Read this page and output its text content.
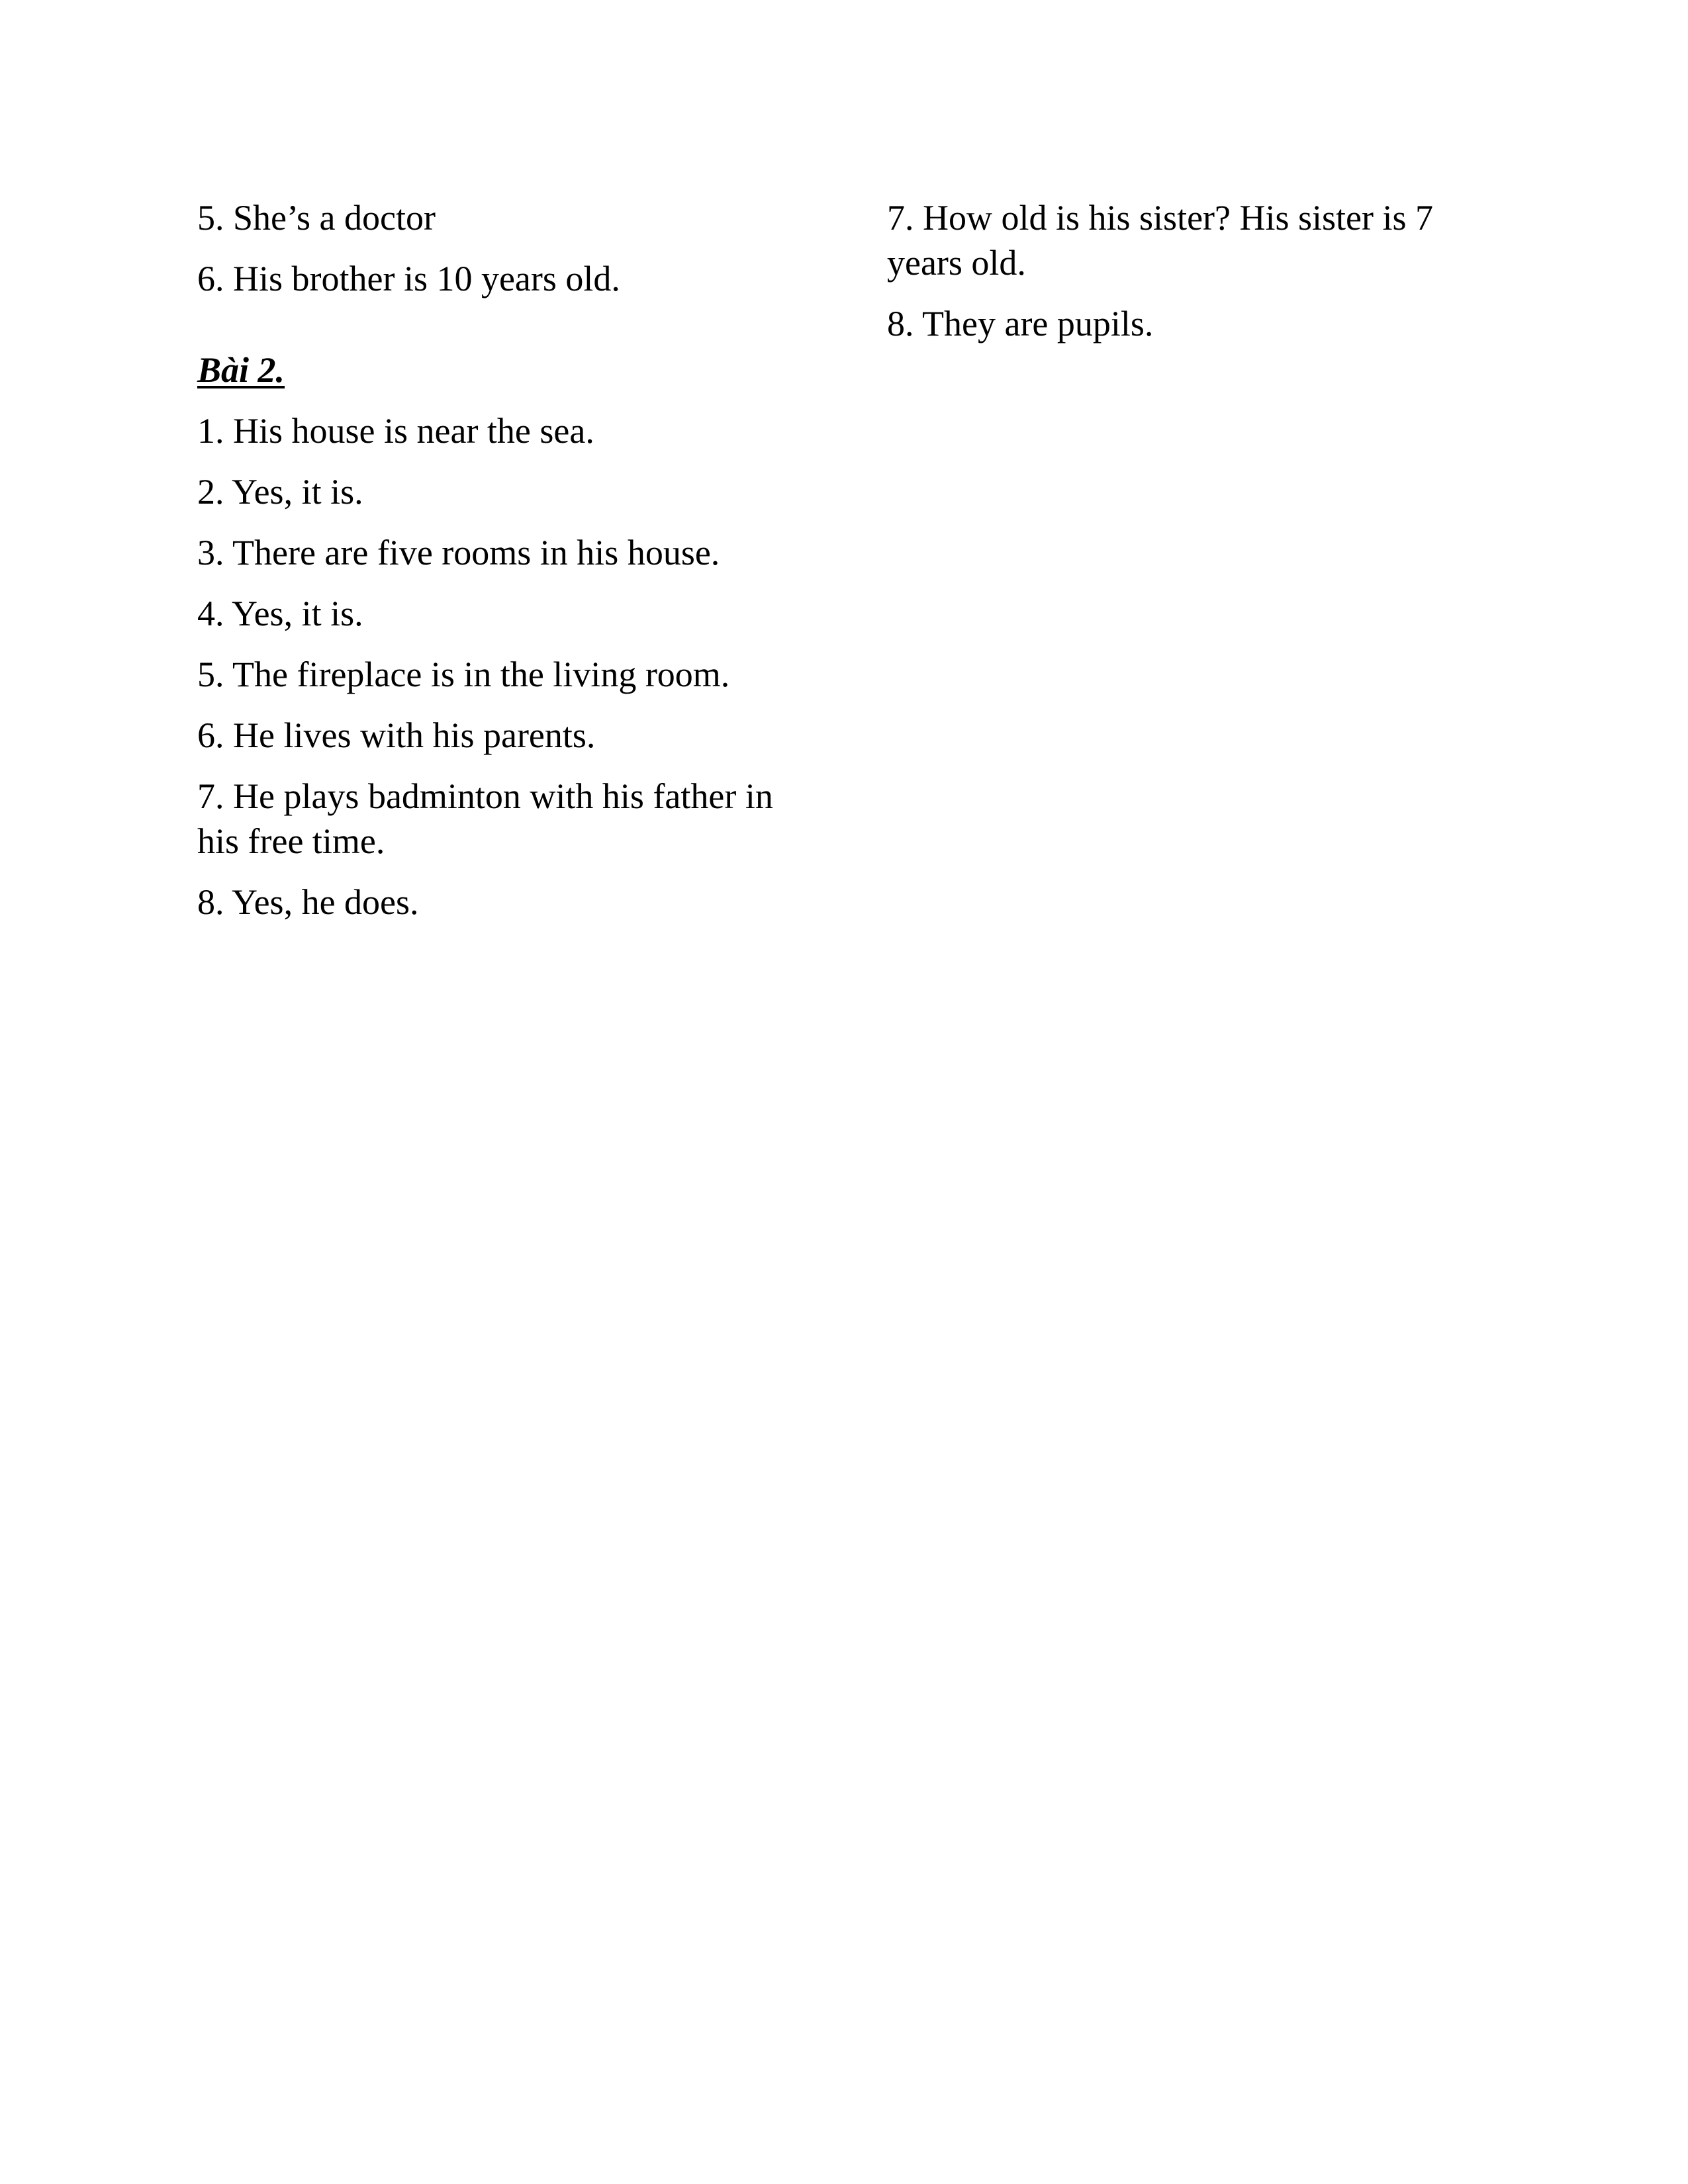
5. She’s a doctor

6. His brother is 10 years old.

Bài 2.

1. His house is near the sea.

2. Yes, it is.

3. There are five rooms in his house.

4. Yes, it is.

5. The fireplace is in the living room.

6. He lives with his parents.

7. He plays badminton with his father in his free time.

8. Yes, he does.

7. How old is his sister? His sister is 7 years old.

8. They are pupils.
